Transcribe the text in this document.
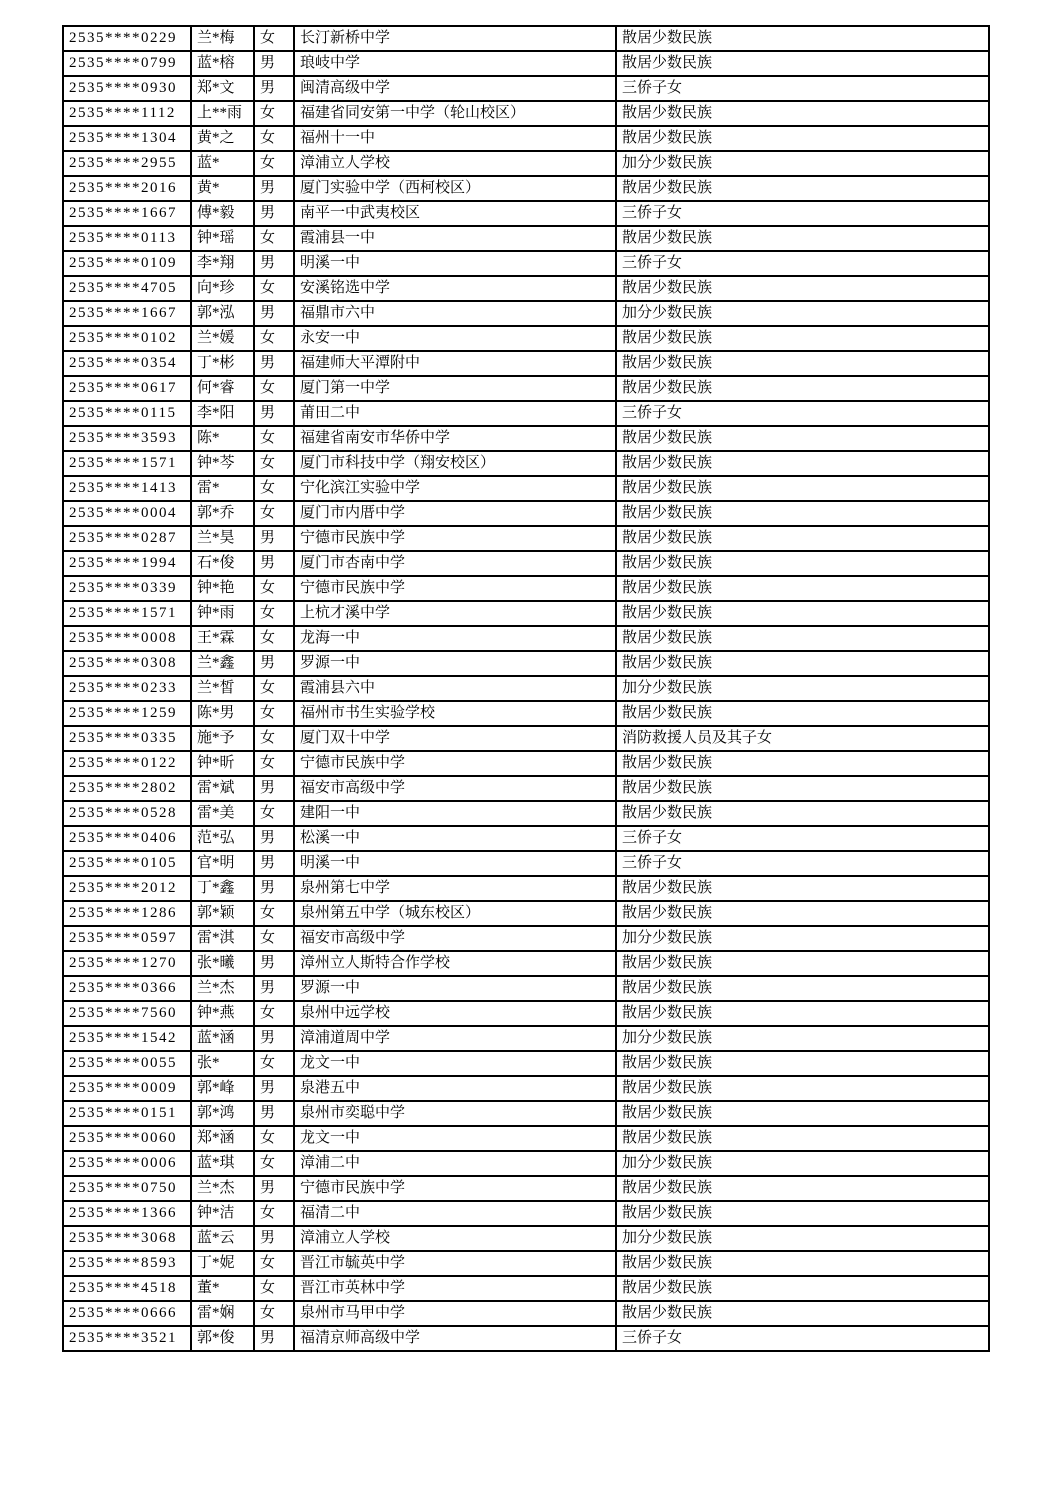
2535****0229	兰*梅	女	长汀新桥中学	散居少数民族
2535****0799	蓝*榕	男	琅岐中学	散居少数民族
2535****0930	郑*文	男	闽清高级中学	三侨子女
2535****1112	上**雨	女	福建省同安第一中学（轮山校区）	散居少数民族
2535****1304	黄*之	女	福州十一中	散居少数民族
2535****2955	蓝*	女	漳浦立人学校	加分少数民族
2535****2016	黄*	男	厦门实验中学（西柯校区）	散居少数民族
2535****1667	傅*毅	男	南平一中武夷校区	三侨子女
2535****0113	钟*瑶	女	霞浦县一中	散居少数民族
2535****0109	李*翔	男	明溪一中	三侨子女
2535****4705	向*珍	女	安溪铭选中学	散居少数民族
2535****1667	郭*泓	男	福鼎市六中	加分少数民族
2535****0102	兰*媛	女	永安一中	散居少数民族
2535****0354	丁*彬	男	福建师大平潭附中	散居少数民族
2535****0617	何*睿	女	厦门第一中学	散居少数民族
2535****0115	李*阳	男	莆田二中	三侨子女
2535****3593	陈*	女	福建省南安市华侨中学	散居少数民族
2535****1571	钟*芩	女	厦门市科技中学（翔安校区）	散居少数民族
2535****1413	雷*	女	宁化滨江实验中学	散居少数民族
2535****0004	郭*乔	女	厦门市内厝中学	散居少数民族
2535****0287	兰*昊	男	宁德市民族中学	散居少数民族
2535****1994	石*俊	男	厦门市杏南中学	散居少数民族
2535****0339	钟*艳	女	宁德市民族中学	散居少数民族
2535****1571	钟*雨	女	上杭才溪中学	散居少数民族
2535****0008	王*霖	女	龙海一中	散居少数民族
2535****0308	兰*鑫	男	罗源一中	散居少数民族
2535****0233	兰*皙	女	霞浦县六中	加分少数民族
2535****1259	陈*男	女	福州市书生实验学校	散居少数民族
2535****0335	施*予	女	厦门双十中学	消防救援人员及其子女
2535****0122	钟*昕	女	宁德市民族中学	散居少数民族
2535****2802	雷*斌	男	福安市高级中学	散居少数民族
2535****0528	雷*美	女	建阳一中	散居少数民族
2535****0406	范*弘	男	松溪一中	三侨子女
2535****0105	官*明	男	明溪一中	三侨子女
2535****2012	丁*鑫	男	泉州第七中学	散居少数民族
2535****1286	郭*颖	女	泉州第五中学（城东校区）	散居少数民族
2535****0597	雷*淇	女	福安市高级中学	加分少数民族
2535****1270	张*曦	男	漳州立人斯特合作学校	散居少数民族
2535****0366	兰*杰	男	罗源一中	散居少数民族
2535****7560	钟*燕	女	泉州中远学校	散居少数民族
2535****1542	蓝*涵	男	漳浦道周中学	加分少数民族
2535****0055	张*	女	龙文一中	散居少数民族
2535****0009	郭*峰	男	泉港五中	散居少数民族
2535****0151	郭*鸿	男	泉州市奕聪中学	散居少数民族
2535****0060	郑*涵	女	龙文一中	散居少数民族
2535****0006	蓝*琪	女	漳浦二中	加分少数民族
2535****0750	兰*杰	男	宁德市民族中学	散居少数民族
2535****1366	钟*洁	女	福清二中	散居少数民族
2535****3068	蓝*云	男	漳浦立人学校	加分少数民族
2535****8593	丁*妮	女	晋江市毓英中学	散居少数民族
2535****4518	董*	女	晋江市英林中学	散居少数民族
2535****0666	雷*娴	女	泉州市马甲中学	散居少数民族
2535****3521	郭*俊	男	福清京师高级中学	三侨子女
